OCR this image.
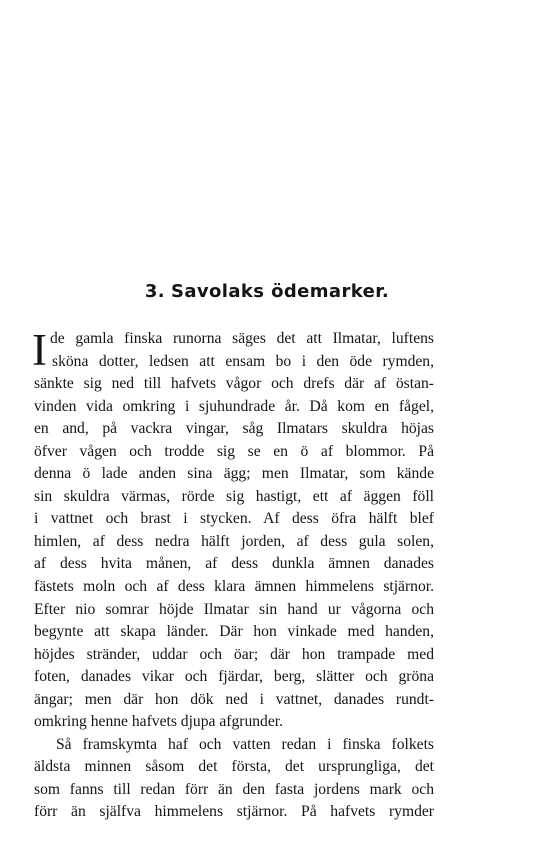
3. Savolaks ödemarker.
I de gamla finska runorna säges det att Ilmatar, luftens
sköna dotter, ledsen att ensam bo i den öde rymden,
sänkte sig ned till hafvets vågor och drefs där af östan-
vinden vida omkring i sjuhundrade år. Då kom en fågel,
en and, på vackra vingar, såg Ilmatars skuldra höjas
öfver vågen och trodde sig se en ö af blommor. På
denna ö lade anden sina ägg; men Ilmatar, som kände
sin skuldra värmas, rörde sig hastigt, ett af äggen föll
i vattnet och brast i stycken. Af dess öfra hälft blef
himlen, af dess nedra hälft jorden, af dess gula solen,
af dess hvita månen, af dess dunkla ämnen danades
fästets moln och af dess klara ämnen himmelens stjärnor.
Efter nio somrar höjde Ilmatar sin hand ur vågorna och
begynte att skapa länder. Där hon vinkade med handen,
höjdes stränder, uddar och öar; där hon trampade med
foten, danades vikar och fjärdar, berg, slätter och gröna
ängar; men där hon dök ned i vattnet, danades rundt-
omkring henne hafvets djupa afgrunder.
Så framskymta haf och vatten redan i finska folkets
äldsta minnen såsom det första, det ursprungliga, det
som fanns till redan förr än den fasta jordens mark och
förr än själfva himmelens stjärnor. På hafvets rymder
